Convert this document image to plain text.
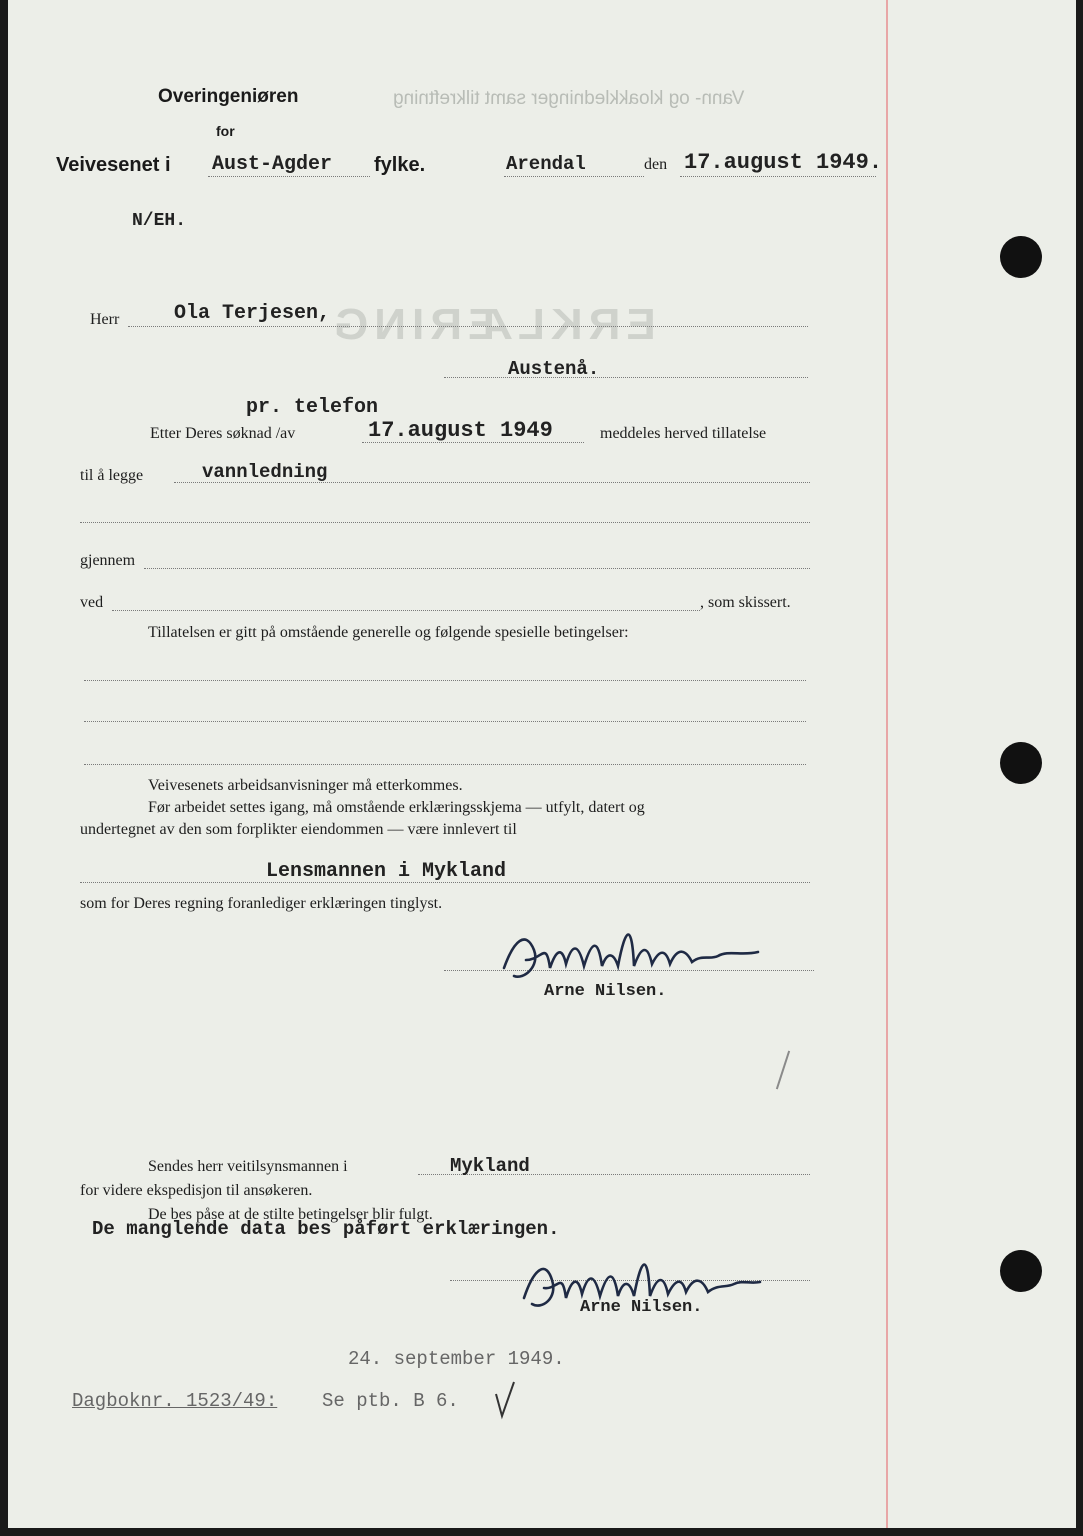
Vann- og kloakkledninger samt tilkreftning
ERKLÆRING
Overingeniøren
for
Veivesenet i Aust-Agder fylke.	Arendal	den 17.august 1949.
N/EH.
Herr	Ola Terjesen,
Austenå.
pr. telefon
Etter Deres søknad /av	17.august 1949	meddeles herved tillatelse
til å legge	vannledning
gjennem
ved	, som skissert.
Tillatelsen er gitt på omstående generelle og følgende spesielle betingelser:
Veivesenets arbeidsanvisninger må etterkommes.
Før arbeidet settes igang, må omstående erklæringsskjema — utfylt, datert og
undertegnet av den som forplikter eiendommen — være innlevert til
Lensmannen i Mykland
som for Deres regning foranlediger erklæringen tinglyst.
Arne Nilsen.
Sendes herr veitilsynsmannen i	Mykland
for videre ekspedisjon til ansøkeren.
De bes påse at de stilte betingelser blir fulgt.
De manglende data bes påført erklæringen.
Arne Nilsen.
24. september 1949.
Dagboknr. 1523/49: Se ptb. B 6.
